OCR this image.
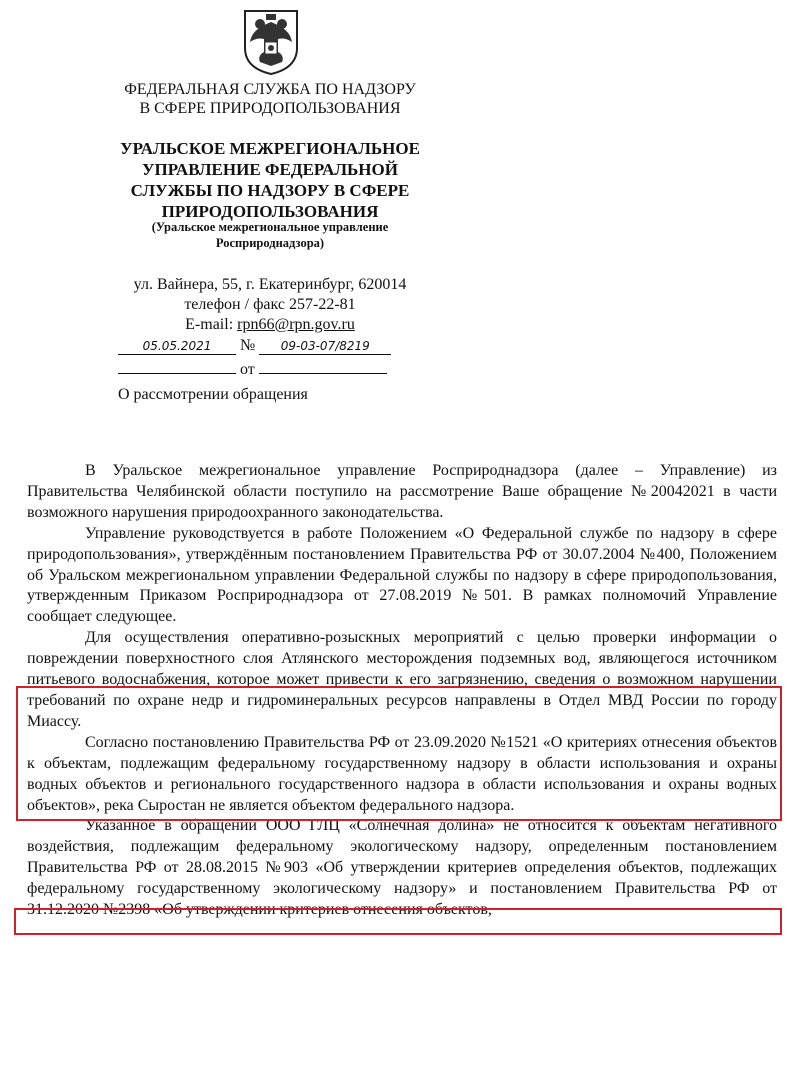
ФЕДЕРАЛЬНАЯ СЛУЖБА ПО НАДЗОРУ
В СФЕРЕ ПРИРОДОПОЛЬЗОВАНИЯ
УРАЛЬСКОЕ МЕЖРЕГИОНАЛЬНОЕ
УПРАВЛЕНИЕ ФЕДЕРАЛЬНОЙ
СЛУЖБЫ ПО НАДЗОРУ В СФЕРЕ
ПРИРОДОПОЛЬЗОВАНИЯ
(Уральское межрегиональное управление
Росприроднадзора)
ул. Вайнера, 55, г. Екатеринбург, 620014
телефон / факс 257-22-81
E-mail: rpn66@rpn.gov.ru
05.05.2021 № 09-03-07/8219
от
О рассмотрении обращения

В Уральское межрегиональное управление Росприроднадзора (далее – Управление) из Правительства Челябинской области поступило на рассмотрение Ваше обращение №20042021 в части возможного нарушения природоохранного законодательства.

Управление руководствуется в работе Положением «О Федеральной службе по надзору в сфере природопользования», утверждённым постановлением Правительства РФ от 30.07.2004 №400, Положением об Уральском межрегиональном управлении Федеральной службы по надзору в сфере природопользования, утвержденным Приказом Росприроднадзора от 27.08.2019 №501. В рамках полномочий Управление сообщает следующее.

Для осуществления оперативно-розыскных мероприятий с целью проверки информации о повреждении поверхностного слоя Атлянского месторождения подземных вод, являющегося источником питьевого водоснабжения, которое может привести к его загрязнению, сведения о возможном нарушении требований по охране недр и гидроминеральных ресурсов направлены в Отдел МВД России по городу Миассу.

Согласно постановлению Правительства РФ от 23.09.2020 №1521 «О критериях отнесения объектов к объектам, подлежащим федеральному государственному надзору в области использования и охраны водных объектов и регионального государственного надзора в области использования и охраны водных объектов», река Сыростан не является объектом федерального надзора.

Указанное в обращении ООО ГЛЦ «Солнечная долина» не относится к объектам негативного воздействия, подлежащим федеральному экологическому надзору, определенным постановлением Правительства РФ от 28.08.2015 №903 «Об утверждении критериев определения объектов, подлежащих федеральному государственному экологическому надзору» и постановлением Правительства РФ от 31.12.2020 №2398 «Об утверждении критериев отнесения объектов,
